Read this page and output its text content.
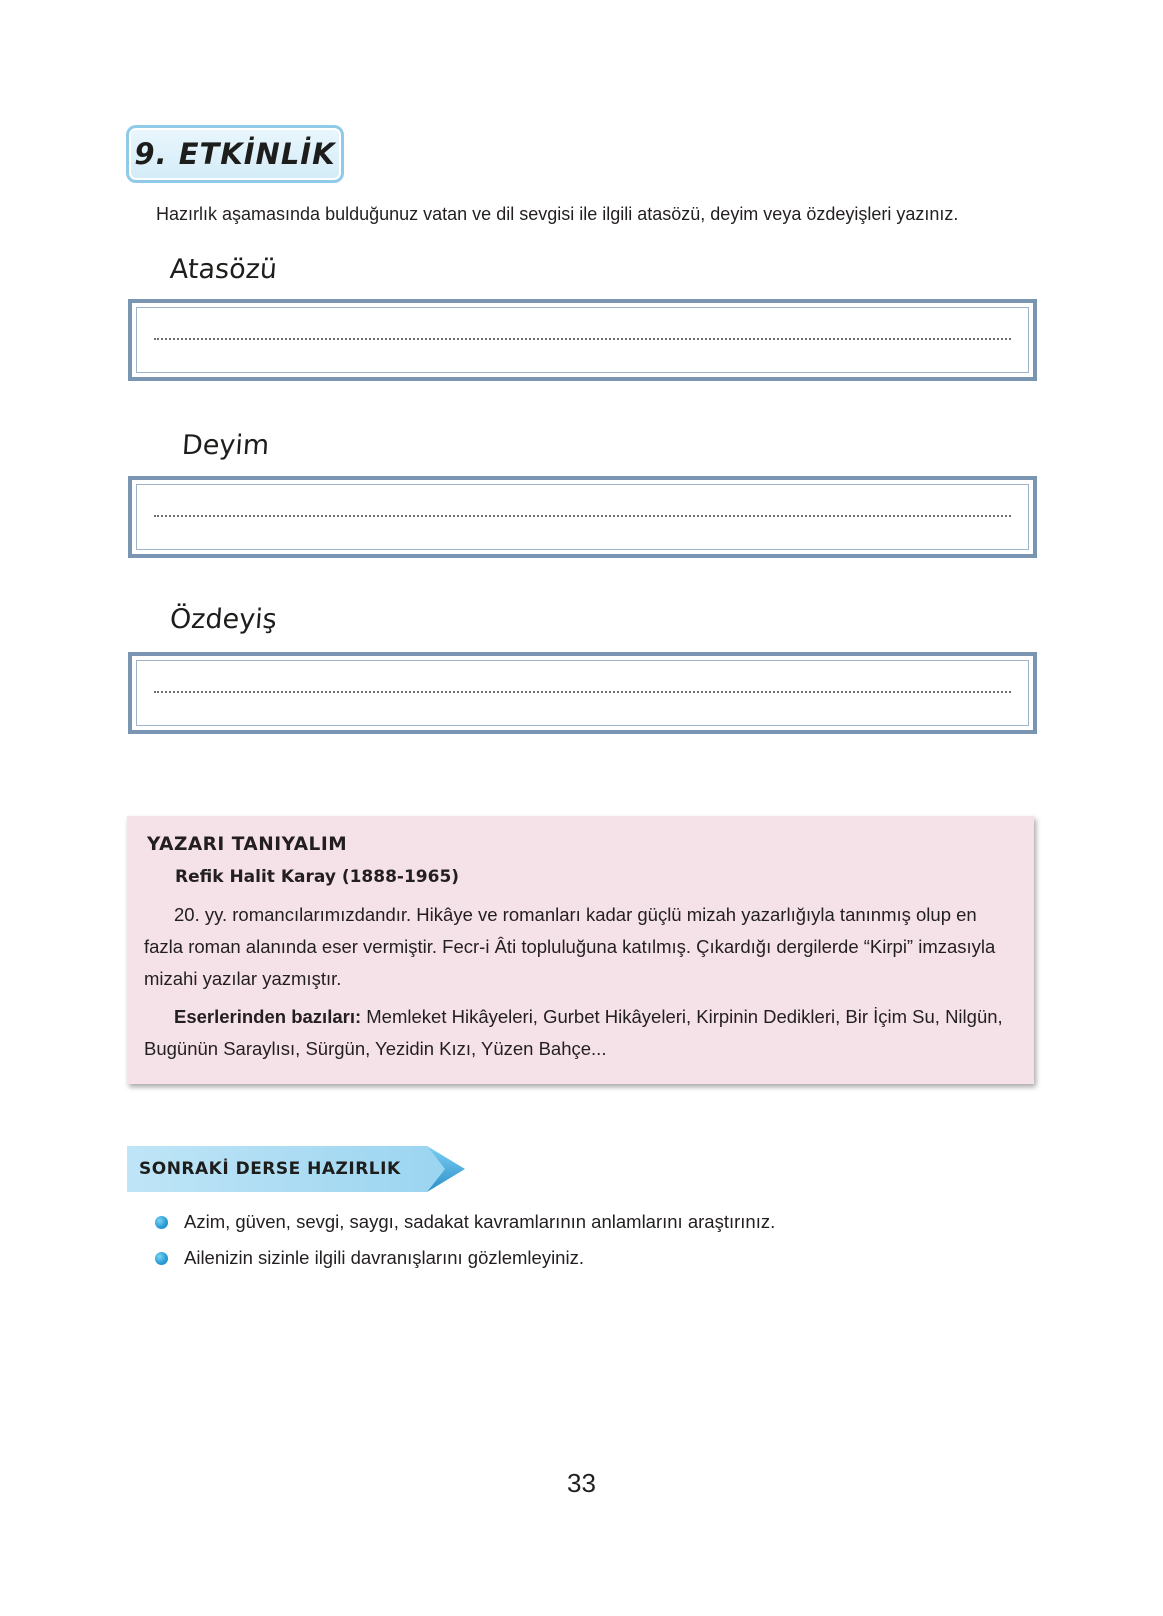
9. ETKİNLİK
Hazırlık aşamasında bulduğunuz vatan ve dil sevgisi ile ilgili atasözü, deyim veya özdeyişleri yazınız.
Atasözü
Deyim
Özdeyiş
YAZARI TANIYALIM
Refik Halit Karay (1888-1965)

20. yy. romancılarımızdandır. Hikâye ve romanları kadar güçlü mizah yazarlığıyla tanınmış olup en fazla roman alanında eser vermiştir. Fecr-i Âti topluluğuna katılmış. Çıkardığı dergilerde “Kirpi” imzasıyla mizahi yazılar yazmıştır.

Eserlerinden bazıları: Memleket Hikâyeleri, Gurbet Hikâyeleri, Kirpinin Dedikleri, Bir İçim Su, Nilgün, Bugünün Saraylısı, Sürgün, Yezidin Kızı, Yüzen Bahçe...

SONRAKİ DERSE HAZIRLIK
Azim, güven, sevgi, saygı, sadakat kavramlarının anlamlarını araştırınız.
Ailenizin sizinle ilgili davranışlarını gözlemleyiniz.
33
